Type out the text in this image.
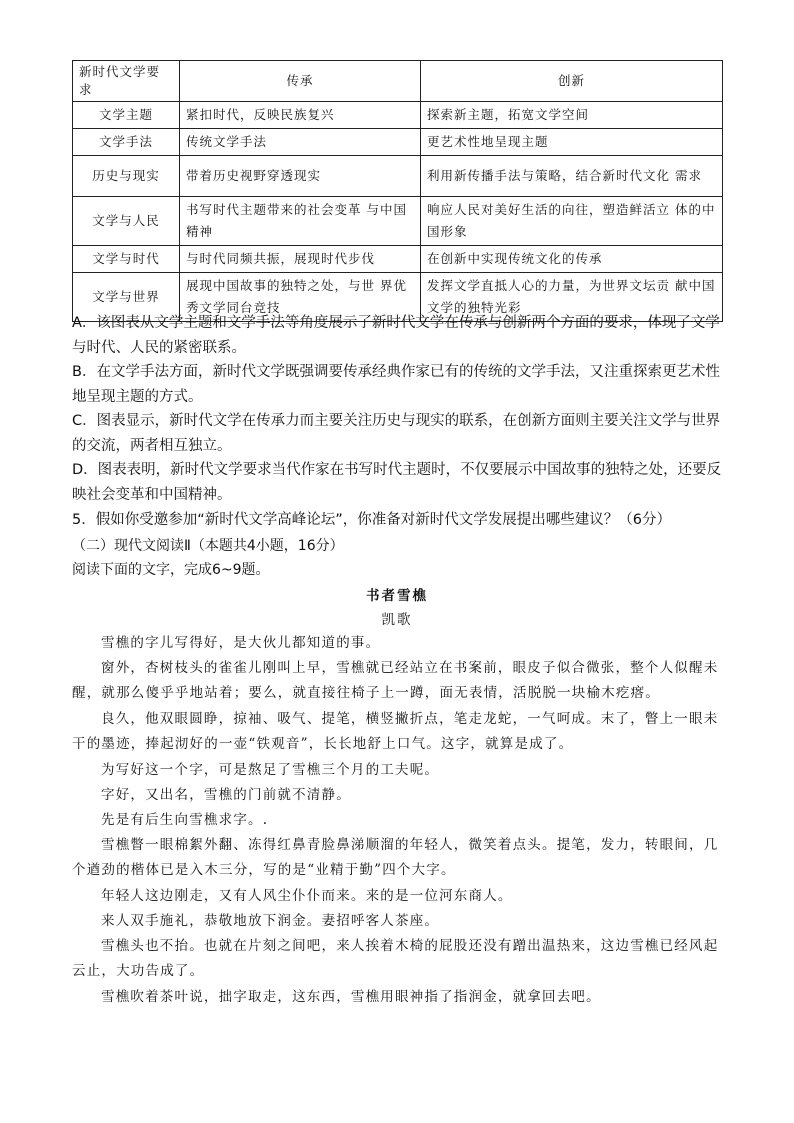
新时代文学要求	传承	创新
文学主题	紧扣时代，反映民族复兴	探索新主题，拓宽文学空间
文学手法	传统文学手法	更艺术性地呈现主题
历史与现实	带着历史视野穿透现实	利用新传播手法与策略，结合新时代文化 需求
文学与人民	书写时代主题带来的社会变革 与中国精神	响应人民对美好生活的向往，塑造鲜活立 体的中国形象
文学与时代	与时代同频共振，展现时代步伐	在创新中实现传统文化的传承
文学与世界	展现中国故事的独特之处，与世 界优秀文学同台竞技	发挥文学直抵人心的力量，为世界文坛贡 献中国文学的独特光彩

A．该图表从文学主题和文学手法等角度展示了新时代文学在传承与创新两个方面的要求，体现了文学与时代、人民的紧密联系。

B．在文学手法方面，新时代文学既强调要传承经典作家已有的传统的文学手法，又注重探索更艺术性地呈现主题的方式。

C．图表显示，新时代文学在传承力而主要关注历史与现实的联系，在创新方面则主要关注文学与世界的交流，两者相互独立。

D．图表表明，新时代文学要求当代作家在书写时代主题时，不仅要展示中国故事的独特之处，还要反映社会变革和中国精神。

5．假如你受邀参加“新时代文学高峰论坛”，你准备对新时代文学发展提出哪些建议？（6分）

（二）现代文阅读Ⅱ（本题共4小题，16分）

阅读下面的文字，完成6~9题。

书者雪樵
凯歌

雪樵的字儿写得好，是大伙儿都知道的事。

窗外，杏树枝头的雀雀儿刚叫上早，雪樵就已经站立在书案前，眼皮子似合微张，整个人似醒未醒，就那么傻乎乎地站着；要么，就直接往椅子上一蹲，面无表情，活脱脱一块榆木疙瘩。

良久，他双眼圆睁，掠袖、吸气、提笔，横竖撇折点，笔走龙蛇，一气呵成。末了，瞥上一眼未干的墨迹，捧起沏好的一壶“铁观音”，长长地舒上口气。这字，就算是成了。

为写好这一个字，可是熬足了雪樵三个月的工夫呢。

字好，又出名，雪樵的门前就不清静。

先是有后生向雪樵求字。.

雪樵瞥一眼棉絮外翻、冻得红鼻青脸鼻涕顺溜的年轻人，微笑着点头。提笔，发力，转眼间，几个遒劲的楷体已是入木三分，写的是“业精于勤”四个大字。

年轻人这边刚走，又有人风尘仆仆而来。来的是一位河东商人。

来人双手施礼，恭敬地放下润金。妻招呼客人茶座。

雪樵头也不抬。也就在片刻之间吧，来人挨着木椅的屁股还没有蹭出温热来，这边雪樵已经风起云止，大功告成了。

雪樵吹着茶叶说，拙字取走，这东西，雪樵用眼神指了指润金，就拿回去吧。
